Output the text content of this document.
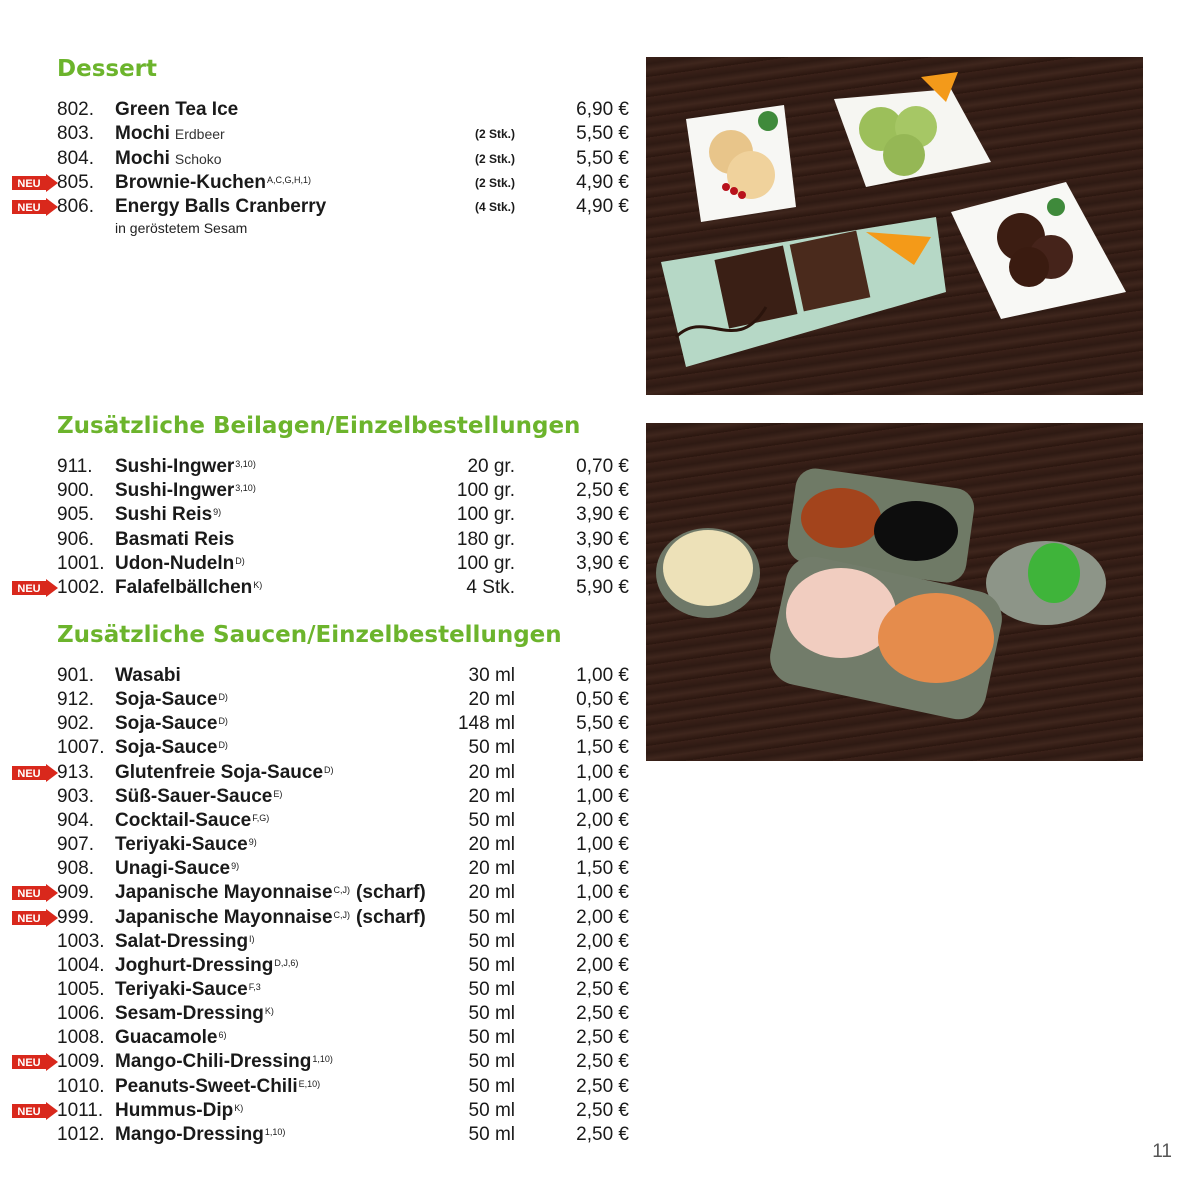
Dessert
Zusätzliche Beilagen/Einzelbestellungen
Zusätzliche Saucen/Einzelbestellungen
802. Green Tea Ice	6,90 €
803. Mochi Erdbeer	(2 Stk.)	5,50 €
804. Mochi Schoko	(2 Stk.)	5,50 €
NEU 805. Brownie-Kuchen$^{A,C,G,H,1)}$	(2 Stk.)	4,90 €
NEU 806. Energy Balls Cranberry	(4 Stk.)	4,90 €
in geröstetem Sesam
911. Sushi-Ingwer$^{3,10)}$	20 gr.	0,70 €
900. Sushi-Ingwer$^{3,10)}$	100 gr.	2,50 €
905. Sushi Reis$^{9)}$	100 gr.	3,90 €
906. Basmati Reis	180 gr.	3,90 €
1001. Udon-Nudeln$^{D)}$	100 gr.	3,90 €
NEU 1002. Falafelbällchen$^{K)}$	4 Stk.	5,90 €
901. Wasabi	30 ml	1,00 €
912. Soja-Sauce$^{D)}$	20 ml	0,50 €
902. Soja-Sauce$^{D)}$	148 ml	5,50 €
1007. Soja-Sauce$^{D)}$	50 ml	1,50 €
NEU 913. Glutenfreie Soja-Sauce$^{D)}$	20 ml	1,00 €
903. Süß-Sauer-Sauce$^{E)}$	20 ml	1,00 €
904. Cocktail-Sauce$^{F,G)}$	50 ml	2,00 €
907. Teriyaki-Sauce$^{9)}$	20 ml	1,00 €
908. Unagi-Sauce$^{9)}$	20 ml	1,50 €
NEU 909. Japanische Mayonnaise$^{C,J)}$ (scharf) 20 ml	1,00 €
NEU 999. Japanische Mayonnaise$^{C,J)}$ (scharf) 50 ml	2,00 €
1003. Salat-Dressing$^{I)}$	50 ml	2,00 €
1004. Joghurt-Dressing$^{D,J,6)}$	50 ml	2,00 €
1005. Teriyaki-Sauce$^{F,3}$	50 ml	2,50 €
1006. Sesam-Dressing$^{K)}$	50 ml	2,50 €
1008. Guacamole$^{6)}$	50 ml	2,50 €
NEU 1009. Mango-Chili-Dressing$^{1,10)}$	50 ml	2,50 €
1010. Peanuts-Sweet-Chili$^{E,10)}$	50 ml	2,50 €
NEU 1011. Hummus-Dip$^{K)}$	50 ml	2,50 €
1012. Mango-Dressing$^{1,10)}$	50 ml	2,50 €
11
